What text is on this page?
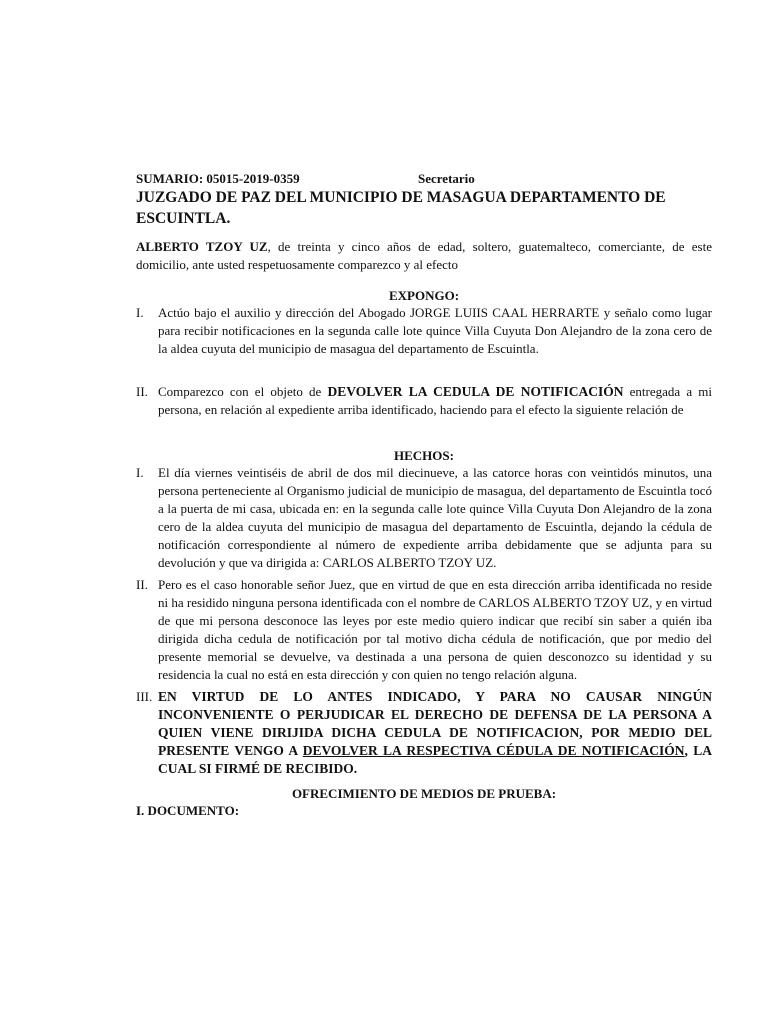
SUMARIO: 05015-2019-0359	Secretario
JUZGADO DE PAZ DEL MUNICIPIO DE MASAGUA DEPARTAMENTO DE ESCUINTLA.
ALBERTO TZOY UZ, de treinta y cinco años de edad, soltero, guatemalteco, comerciante, de este domicilio, ante usted respetuosamente comparezco y al efecto
EXPONGO:
I.	Actúo bajo el auxilio y dirección del Abogado JORGE LUIIS CAAL HERRARTE y señalo como lugar para recibir notificaciones en la segunda calle lote quince Villa Cuyuta Don Alejandro de la zona cero de la aldea cuyuta del municipio de masagua del departamento de Escuintla.
II. Comparezco con el objeto de DEVOLVER LA CEDULA DE NOTIFICACIÓN entregada a mi persona, en relación al expediente arriba identificado, haciendo para el efecto la siguiente relación de
HECHOS:
I.	El día viernes veintiséis de abril de dos mil diecinueve, a las catorce horas con veintidós minutos, una persona perteneciente al Organismo judicial de municipio de masagua, del departamento de Escuintla tocó a la puerta de mi casa, ubicada en: en la segunda calle lote quince Villa Cuyuta Don Alejandro de la zona cero de la aldea cuyuta del municipio de masagua del departamento de Escuintla, dejando la cédula de notificación correspondiente al número de expediente arriba debidamente que se adjunta para su devolución y que va dirigida a: CARLOS ALBERTO TZOY UZ.
II. Pero es el caso honorable señor Juez, que en virtud de que en esta dirección arriba identificada no reside ni ha residido ninguna persona identificada con el nombre de CARLOS ALBERTO TZOY UZ, y en virtud de que mi persona desconoce las leyes por este medio quiero indicar que recibí sin saber a quién iba dirigida dicha cedula de notificación por tal motivo dicha cédula de notificación, que por medio del presente memorial se devuelve, va destinada a una persona de quien desconozco su identidad y su residencia la cual no está en esta dirección y con quien no tengo relación alguna.
III. EN VIRTUD DE LO ANTES INDICADO, Y PARA NO CAUSAR NINGÚN INCONVENIENTE O PERJUDICAR EL DERECHO DE DEFENSA DE LA PERSONA A QUIEN VIENE DIRIJIDA DICHA CEDULA DE NOTIFICACION, POR MEDIO DEL PRESENTE VENGO A DEVOLVER LA RESPECTIVA CÉDULA DE NOTIFICACIÓN, LA CUAL SI FIRMÉ DE RECIBIDO.
OFRECIMIENTO DE MEDIOS DE PRUEBA:
I. DOCUMENTO:
